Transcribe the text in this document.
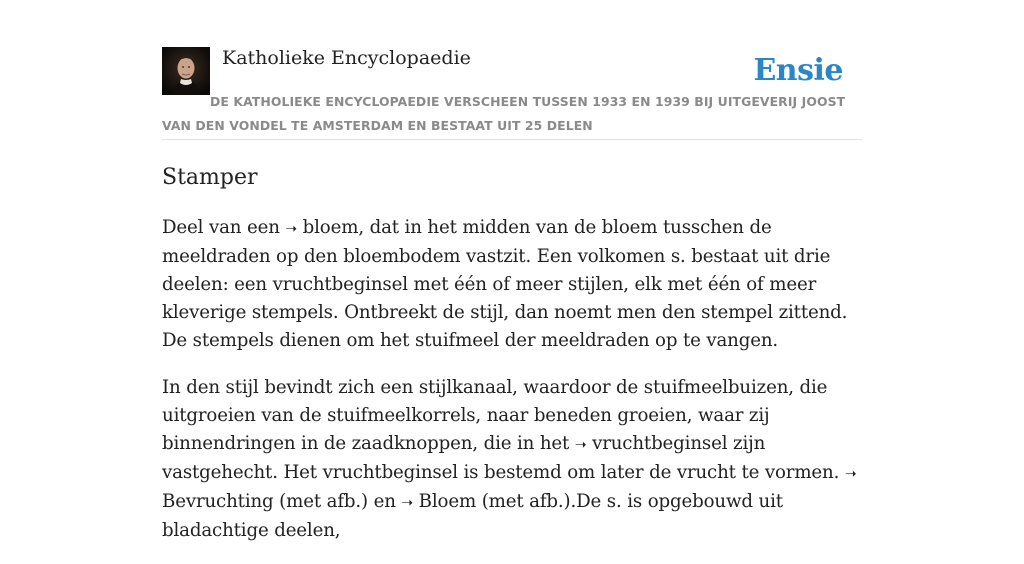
Katholieke Encyclopaedie	Ensie
DE KATHOLIEKE ENCYCLOPAEDIE VERSCHEEN TUSSEN 1933 EN 1939 BIJ UITGEVERIJ JOOST VAN DEN VONDEL TE AMSTERDAM EN BESTAAT UIT 25 DELEN
Stamper

Deel van een ➝ bloem, dat in het midden van de bloem tusschen de meeldraden op den bloembodem vastzit. Een volkomen s. bestaat uit drie deelen: een vruchtbeginsel met één of meer stijlen, elk met één of meer kleverige stempels. Ontbreekt de stijl, dan noemt men den stempel zittend. De stempels dienen om het stuifmeel der meeldraden op te vangen.

In den stijl bevindt zich een stijlkanaal, waardoor de stuifmeelbuizen, die uitgroeien van de stuifmeelkorrels, naar beneden groeien, waar zij binnendringen in de zaadknoppen, die in het ➝ vruchtbeginsel zijn vastgehecht. Het vruchtbeginsel is bestemd om later de vrucht te vormen. ➝ Bevruchting (met afb.) en ➝ Bloem (met afb.).De s. is opgebouwd uit bladachtige deelen,
